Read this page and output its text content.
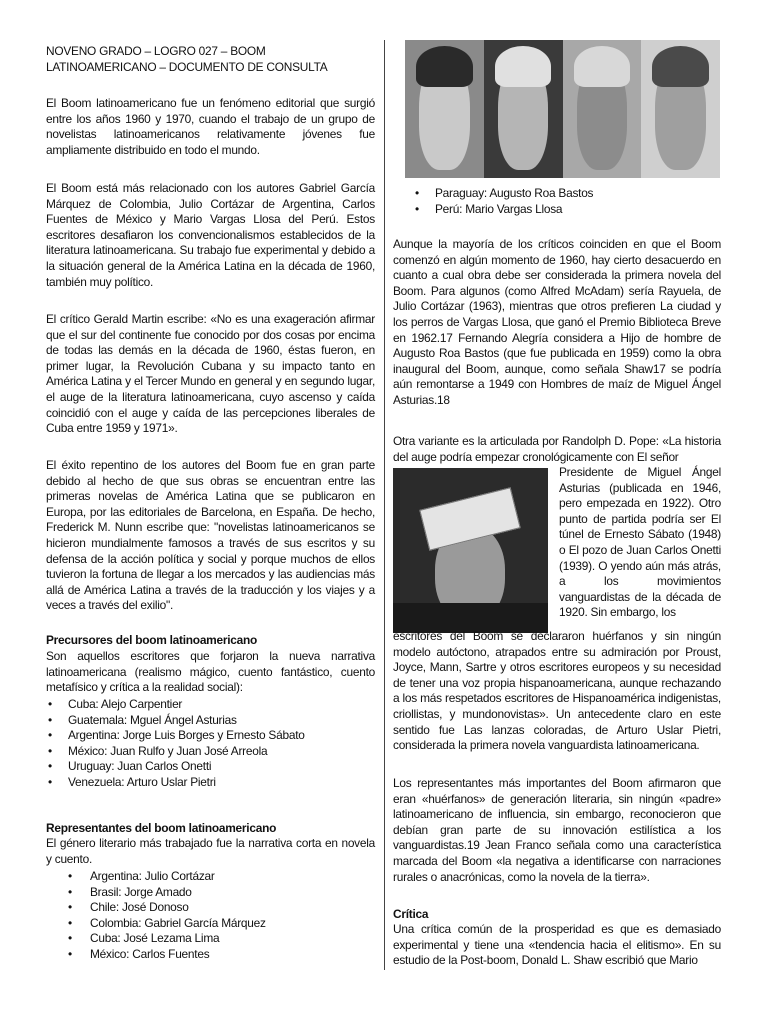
NOVENO GRADO – LOGRO 027 – BOOM LATINOAMERICANO – DOCUMENTO DE CONSULTA

El Boom latinoamericano fue un fenómeno editorial que surgió entre los años 1960 y 1970, cuando el trabajo de un grupo de novelistas latinoamericanos relativamente jóvenes fue ampliamente distribuido en todo el mundo.

El Boom está más relacionado con los autores Gabriel García Márquez de Colombia, Julio Cortázar de Argentina, Carlos Fuentes de México y Mario Vargas Llosa del Perú. Estos escritores desafiaron los convencionalismos establecidos de la literatura latinoamericana. Su trabajo fue experimental y debido a la situación general de la América Latina en la década de 1960, también muy político.

El crítico Gerald Martin escribe: «No es una exageración afirmar que el sur del continente fue conocido por dos cosas por encima de todas las demás en la década de 1960, éstas fueron, en primer lugar, la Revolución Cubana y su impacto tanto en América Latina y el Tercer Mundo en general y en segundo lugar, el auge de la literatura latinoamericana, cuyo ascenso y caída coincidió con el auge y caída de las percepciones liberales de Cuba entre 1959 y 1971».

El éxito repentino de los autores del Boom fue en gran parte debido al hecho de que sus obras se encuentran entre las primeras novelas de América Latina que se publicaron en Europa, por las editoriales de Barcelona, en España. De hecho, Frederick M. Nunn escribe que: "novelistas latinoamericanos se hicieron mundialmente famosos a través de sus escritos y su defensa de la acción política y social y porque muchos de ellos tuvieron la fortuna de llegar a los mercados y las audiencias más allá de América Latina a través de la traducción y los viajes y a veces a través del exilio".

Precursores del boom latinoamericano

Son aquellos escritores que forjaron la nueva narrativa latinoamericana (realismo mágico, cuento fantástico, cuento metafísico y crítica a la realidad social):

• Cuba: Alejo Carpentier
• Guatemala: Mguel Ángel Asturias
• Argentina: Jorge Luis Borges y Ernesto Sábato
• México: Juan Rulfo y Juan José Arreola
• Uruguay: Juan Carlos Onetti
• Venezuela: Arturo Uslar Pietri
Representantes del boom latinoamericano

El género literario más trabajado fue la narrativa corta en novela y cuento.

• Argentina: Julio Cortázar
• Brasil: Jorge Amado
• Chile: José Donoso
• Colombia: Gabriel García Márquez
• Cuba: José Lezama Lima
• México: Carlos Fuentes
• Paraguay: Augusto Roa Bastos
• Perú: Mario Vargas Llosa

Aunque la mayoría de los críticos coinciden en que el Boom comenzó en algún momento de 1960, hay cierto desacuerdo en cuanto a cual obra debe ser considerada la primera novela del Boom. Para algunos (como Alfred McAdam) sería Rayuela, de Julio Cortázar (1963), mientras que otros prefieren La ciudad y los perros de Vargas Llosa, que ganó el Premio Biblioteca Breve en 1962.17 Fernando Alegría considera a Hijo de hombre de Augusto Roa Bastos (que fue publicada en 1959) como la obra inaugural del Boom, aunque, como señala Shaw17 se podría aún remontarse a 1949 con Hombres de maíz de Miguel Ángel Asturias.18

Otra variante es la articulada por Randolph D. Pope: «La historia del auge podría empezar cronológicamente con El señor

Presidente de Miguel Ángel Asturias (publicada en 1946, pero empezada en 1922). Otro punto de partida podría ser El túnel de Ernesto Sábato (1948) o El pozo de Juan Carlos Onetti (1939). O yendo aún más atrás, a los movimientos vanguardistas de la década de 1920. Sin embargo, los

escritores del Boom se declararon huérfanos y sin ningún modelo autóctono, atrapados entre su admiración por Proust, Joyce, Mann, Sartre y otros escritores europeos y su necesidad de tener una voz propia hispanoamericana, aunque rechazando a los más respetados escritores de Hispanoamérica indigenistas, criollistas, y mundonovistas». Un antecedente claro en este sentido fue Las lanzas coloradas, de Arturo Uslar Pietri, considerada la primera novela vanguardista latinoamericana.

Los representantes más importantes del Boom afirmaron que eran «huérfanos» de generación literaria, sin ningún «padre» latinoamericano de influencia, sin embargo, reconocieron que debían gran parte de su innovación estilística a los vanguardistas.19 Jean Franco señala como una característica marcada del Boom «la negativa a identificarse con narraciones rurales o anacrónicas, como la novela de la tierra».

Crítica

Una crítica común de la prosperidad es que es demasiado experimental y tiene una «tendencia hacia el elitismo». En su estudio de la Post-boom, Donald L. Shaw escribió que Mario
